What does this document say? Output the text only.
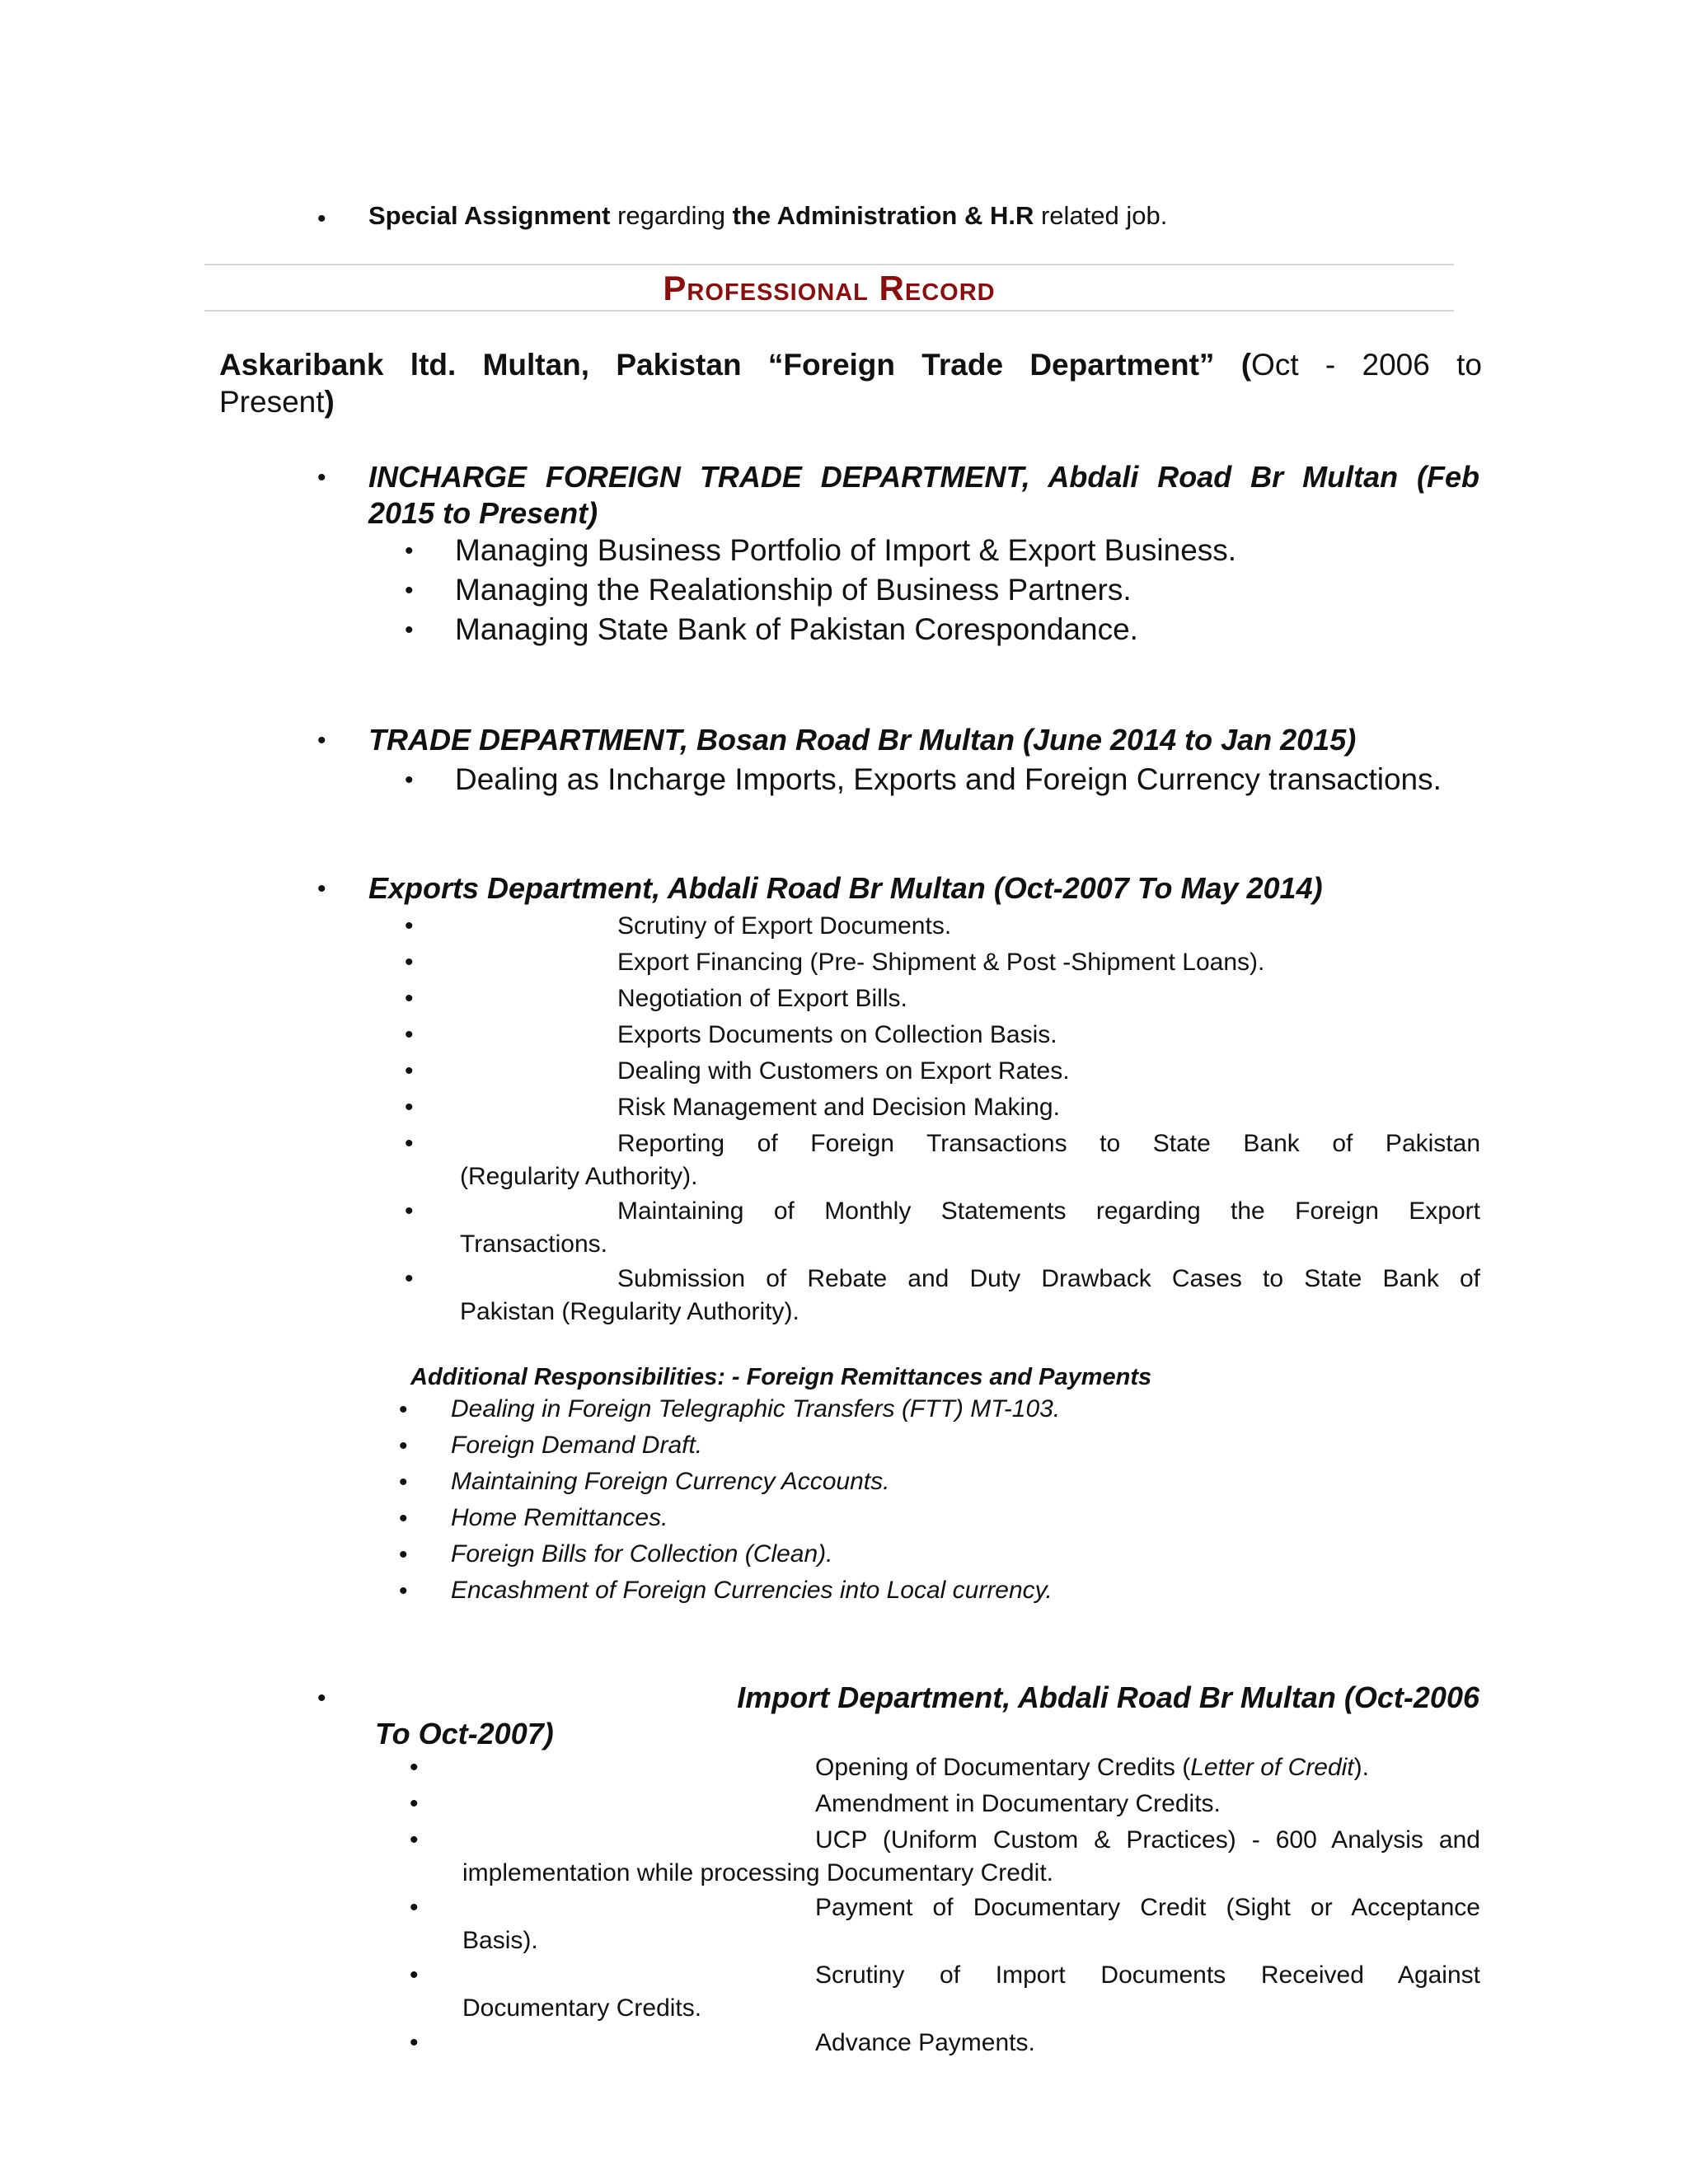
• Special Assignment regarding the Administration & H.R related job.
Professional Record
Askaribank ltd. Multan, Pakistan “Foreign Trade Department” (Oct - 2006 to
Present)
• INCHARGE FOREIGN TRADE DEPARTMENT, Abdali Road Br Multan (Feb
2015 to Present)
• Managing Business Portfolio of Import & Export Business.
• Managing the Realationship of Business Partners.
• Managing State Bank of Pakistan Corespondance.
• TRADE DEPARTMENT, Bosan Road Br Multan (June 2014 to Jan 2015)
• Dealing as Incharge Imports, Exports and Foreign Currency transactions.
• Exports Department, Abdali Road Br Multan (Oct-2007 To May 2014)
•	Scrutiny of Export Documents.
•	Export Financing (Pre- Shipment & Post -Shipment Loans).
•	Negotiation of Export Bills.
•	Exports Documents on Collection Basis.
•	Dealing with Customers on Export Rates.
•	Risk Management and Decision Making.
•	Reporting of Foreign Transactions to State Bank of Pakistan
(Regularity Authority).
•	Maintaining of Monthly Statements regarding the Foreign Export
Transactions.
•	Submission of Rebate and Duty Drawback Cases to State Bank of
Pakistan (Regularity Authority).
Additional Responsibilities: - Foreign Remittances and Payments
• Dealing in Foreign Telegraphic Transfers (FTT) MT-103.
• Foreign Demand Draft.
• Maintaining Foreign Currency Accounts.
• Home Remittances.
• Foreign Bills for Collection (Clean).
• Encashment of Foreign Currencies into Local currency.
•	Import Department, Abdali Road Br Multan (Oct-2006
To Oct-2007)
•	Opening of Documentary Credits (Letter of Credit).
•	Amendment in Documentary Credits.
•	UCP (Uniform Custom & Practices) - 600 Analysis and
implementation while processing Documentary Credit.
•	Payment of Documentary Credit (Sight or Acceptance
Basis).
•	Scrutiny of Import Documents Received Against
Documentary Credits.
•	Advance Payments.
